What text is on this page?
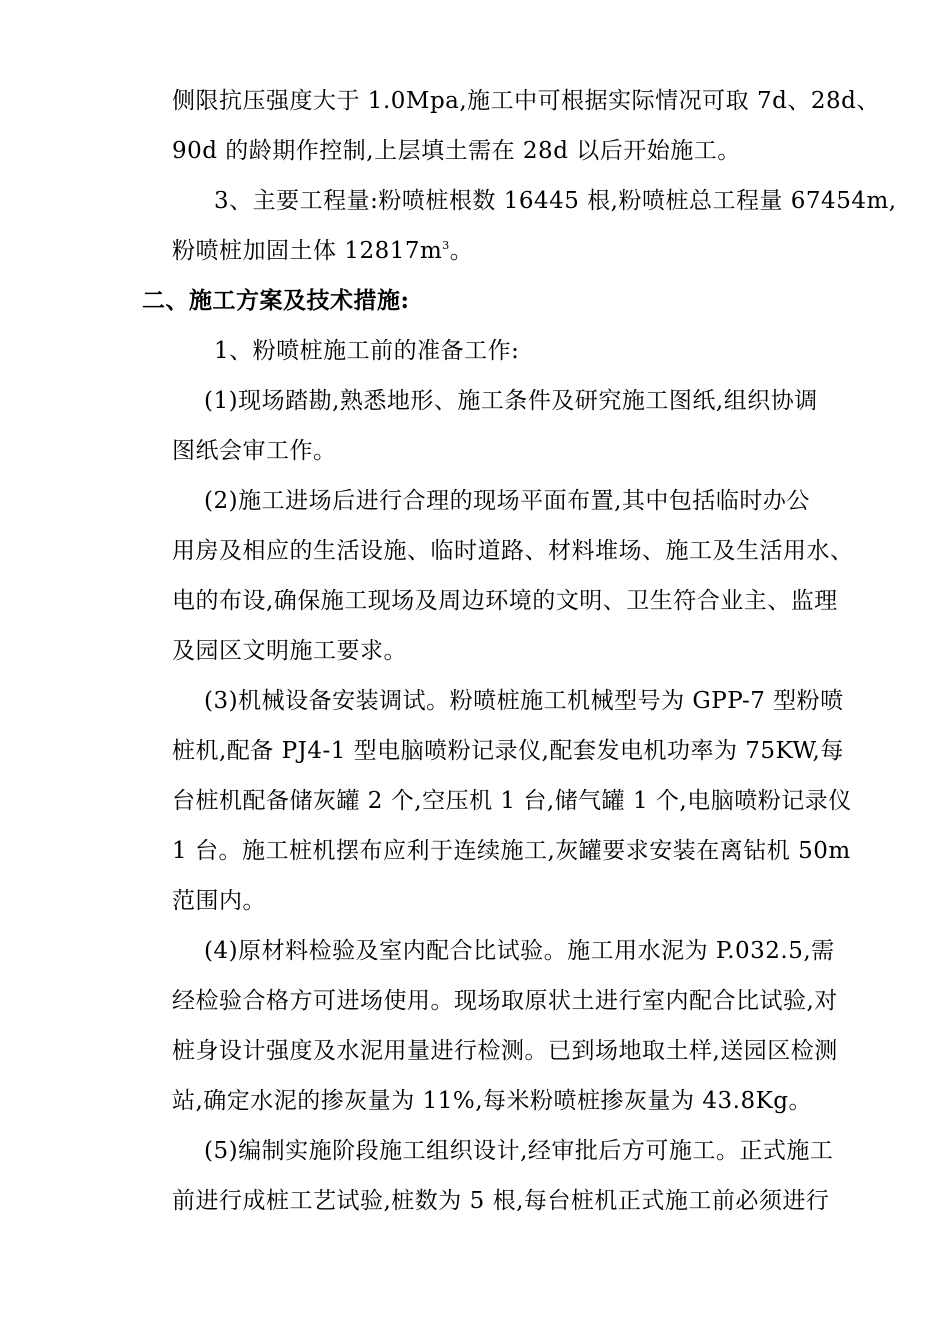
侧限抗压强度大于 1.0Mpa,施工中可根据实际情况可取 7d、28d、
90d 的龄期作控制,上层填土需在 28d 以后开始施工。
3、主要工程量:粉喷桩根数 16445 根,粉喷桩总工程量 67454m,
粉喷桩加固土体 $12817m^3$。
二、施工方案及技术措施:
1、粉喷桩施工前的准备工作:
(1)现场踏勘,熟悉地形、施工条件及研究施工图纸,组织协调
图纸会审工作。
(2)施工进场后进行合理的现场平面布置,其中包括临时办公
用房及相应的生活设施、临时道路、材料堆场、施工及生活用水、
电的布设,确保施工现场及周边环境的文明、卫生符合业主、监理
及园区文明施工要求。
(3)机械设备安装调试。粉喷桩施工机械型号为 GPP-7 型粉喷
桩机,配备 PJ4-1 型电脑喷粉记录仪,配套发电机功率为 75KW,每
台桩机配备储灰罐 2 个,空压机 1 台,储气罐 1 个,电脑喷粉记录仪
1 台。施工桩机摆布应利于连续施工,灰罐要求安装在离钻机 50m
范围内。
(4)原材料检验及室内配合比试验。施工用水泥为 P.032.5,需
经检验合格方可进场使用。现场取原状土进行室内配合比试验,对
桩身设计强度及水泥用量进行检测。已到场地取土样,送园区检测
站,确定水泥的掺灰量为 11%,每米粉喷桩掺灰量为 43.8Kg。
(5)编制实施阶段施工组织设计,经审批后方可施工。正式施工
前进行成桩工艺试验,桩数为 5 根,每台桩机正式施工前必须进行
